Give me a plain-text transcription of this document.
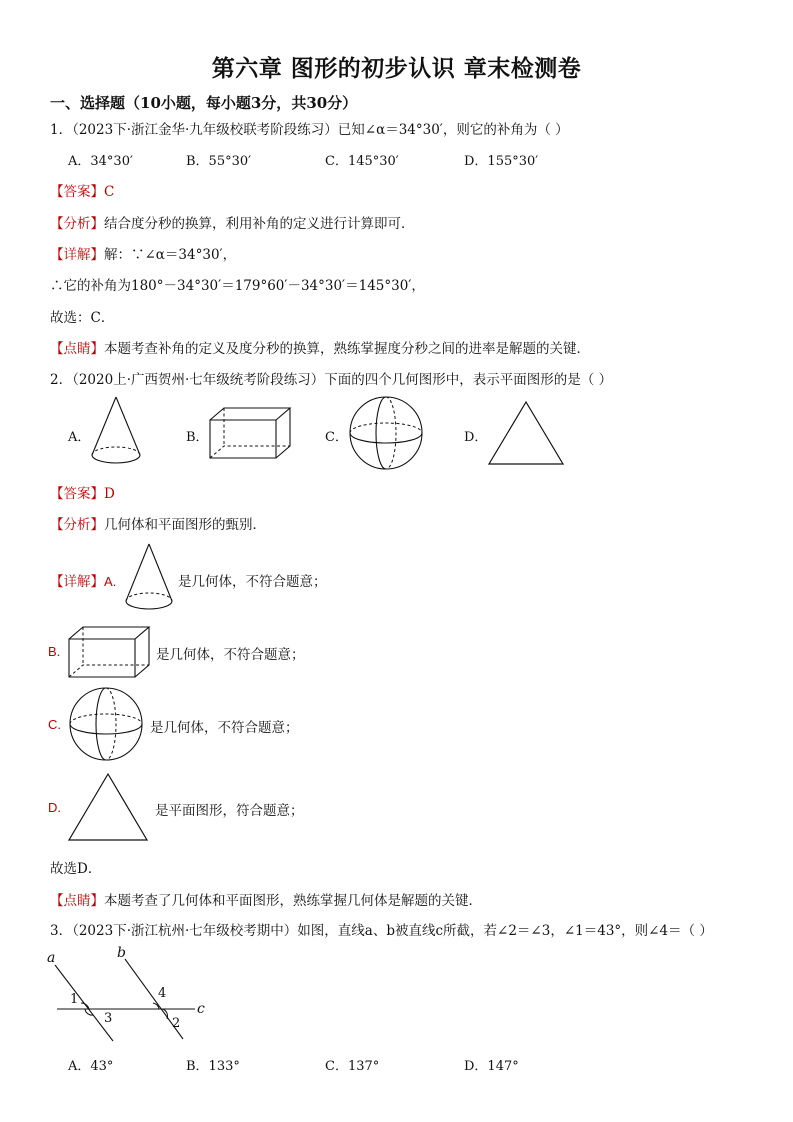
第六章 图形的初步认识 章末检测卷
一、选择题（10小题，每小题3分，共30分）
1．（2023下·浙江金华·九年级校联考阶段练习）已知∠α＝34°30′，则它的补角为（ ）
A．34°30′	B．55°30′	C．145°30′	D．155°30′
【答案】C
【分析】结合度分秒的换算，利用补角的定义进行计算即可．
【详解】解：∵∠α＝34°30′，
∴它的补角为180°－34°30′＝179°60′－34°30′＝145°30′，
故选：C．
【点睛】本题考查补角的定义及度分秒的换算，熟练掌握度分秒之间的进率是解题的关键．
2．（2020上·广西贺州·七年级统考阶段练习）下面的四个几何图形中，表示平面图形的是（ ）
A．	B．	C．	D．
【答案】D
【分析】几何体和平面图形的甄别．
【详解】A.	是几何体，不符合题意；
B.	是几何体，不符合题意；
C.	是几何体，不符合题意；
D.	是平面图形，符合题意；
故选D．
【点睛】本题考查了几何体和平面图形，熟练掌握几何体是解题的关键．
3．（2023下·浙江杭州·七年级校考期中）如图，直线a、b被直线c所截，若∠2＝∠3，∠1＝43°，则∠4＝（ ）
a	b
c
1
3
4
2
A．43°	B．133°	C．137°	D．147°
